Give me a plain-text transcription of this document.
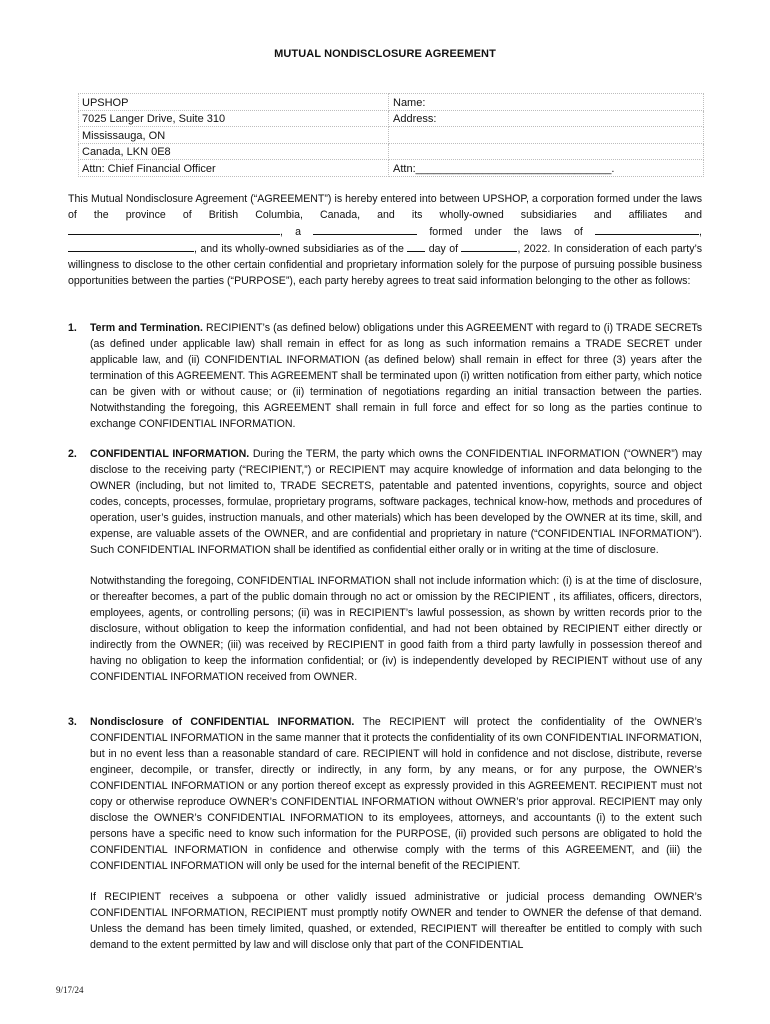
MUTUAL NONDISCLOSURE AGREEMENT
UPSHOP	Name:
7025 Langer Drive, Suite 310	Address:
Mississauga, ON	
Canada, LKN 0E8	
Attn: Chief Financial Officer	Attn:________________________________.
This Mutual Nondisclosure Agreement (“AGREEMENT”) is hereby entered into between UPSHOP, a corporation formed under the laws of the province of British Columbia, Canada, and its wholly-owned subsidiaries and affiliates and , a	formed under the laws of	, , and its wholly-owned subsidiaries as of the day of	, 2022. In consideration of each party’s willingness to disclose to the other certain confidential and proprietary information solely for the purpose of pursuing possible business opportunities between the parties (“PURPOSE”), each party hereby agrees to treat said information belonging to the other as follows:
1. Term and Termination. RECIPIENT’s (as defined below) obligations under this AGREEMENT with regard to (i) TRADE SECRETs (as defined under applicable law) shall remain in effect for as long as such information remains a TRADE SECRET under applicable law, and (ii) CONFIDENTIAL INFORMATION (as defined below) shall remain in effect for three (3) years after the termination of this AGREEMENT. This AGREEMENT shall be terminated upon (i) written notification from either party, which notice can be given with or without cause; or (ii) termination of negotiations regarding an initial transaction between the parties. Notwithstanding the foregoing, this AGREEMENT shall remain in full force and effect for so long as the parties continue to exchange CONFIDENTIAL INFORMATION.
2. CONFIDENTIAL INFORMATION. During the TERM, the party which owns the CONFIDENTIAL INFORMATION (“OWNER”) may disclose to the receiving party (“RECIPIENT,”) or RECIPIENT may acquire knowledge of information and data belonging to the OWNER (including, but not limited to, TRADE SECRETS, patentable and patented inventions, copyrights, source and object codes, concepts, processes, formulae, proprietary programs, software packages, technical know-how, methods and procedures of operation, user’s guides, instruction manuals, and other materials) which has been developed by the OWNER at its time, skill, and expense, are valuable assets of the OWNER, and are confidential and proprietary in nature (“CONFIDENTIAL INFORMATION”). Such CONFIDENTIAL INFORMATION shall be identified as confidential either orally or in writing at the time of disclosure.
Notwithstanding the foregoing, CONFIDENTIAL INFORMATION shall not include information which: (i) is at the time of disclosure, or thereafter becomes, a part of the public domain through no act or omission by the RECIPIENT , its affiliates, officers, directors, employees, agents, or controlling persons; (ii) was in RECIPIENT’s lawful possession, as shown by written records prior to the disclosure, without obligation to keep the information confidential, and had not been obtained by RECIPIENT either directly or indirectly from the OWNER; (iii) was received by RECIPIENT in good faith from a third party lawfully in possession thereof and having no obligation to keep the information confidential; or (iv) is independently developed by RECIPIENT without use of any CONFIDENTIAL INFORMATION received from OWNER.
3. Nondisclosure of CONFIDENTIAL INFORMATION. The RECIPIENT will protect the confidentiality of the OWNER’s CONFIDENTIAL INFORMATION in the same manner that it protects the confidentiality of its own CONFIDENTIAL INFORMATION, but in no event less than a reasonable standard of care. RECIPIENT will hold in confidence and not disclose, distribute, reverse engineer, decompile, or transfer, directly or indirectly, in any form, by any means, or for any purpose, the OWNER’s CONFIDENTIAL INFORMATION or any portion thereof except as expressly provided in this AGREEMENT. RECIPIENT must not copy or otherwise reproduce OWNER’s CONFIDENTIAL INFORMATION without OWNER’s prior approval. RECIPIENT may only disclose the OWNER’s CONFIDENTIAL INFORMATION to its employees, attorneys, and accountants (i) to the extent such persons have a specific need to know such information for the PURPOSE, (ii) provided such persons are obligated to hold the CONFIDENTIAL INFORMATION in confidence and otherwise comply with the terms of this AGREEMENT, and (iii) the CONFIDENTIAL INFORMATION will only be used for the internal benefit of the RECIPIENT.
If RECIPIENT receives a subpoena or other validly issued administrative or judicial process demanding OWNER’s CONFIDENTIAL INFORMATION, RECIPIENT must promptly notify OWNER and tender to OWNER the defense of that demand. Unless the demand has been timely limited, quashed, or extended, RECIPIENT will thereafter be entitled to comply with such demand to the extent permitted by law and will disclose only that part of the CONFIDENTIAL
9/17/24
